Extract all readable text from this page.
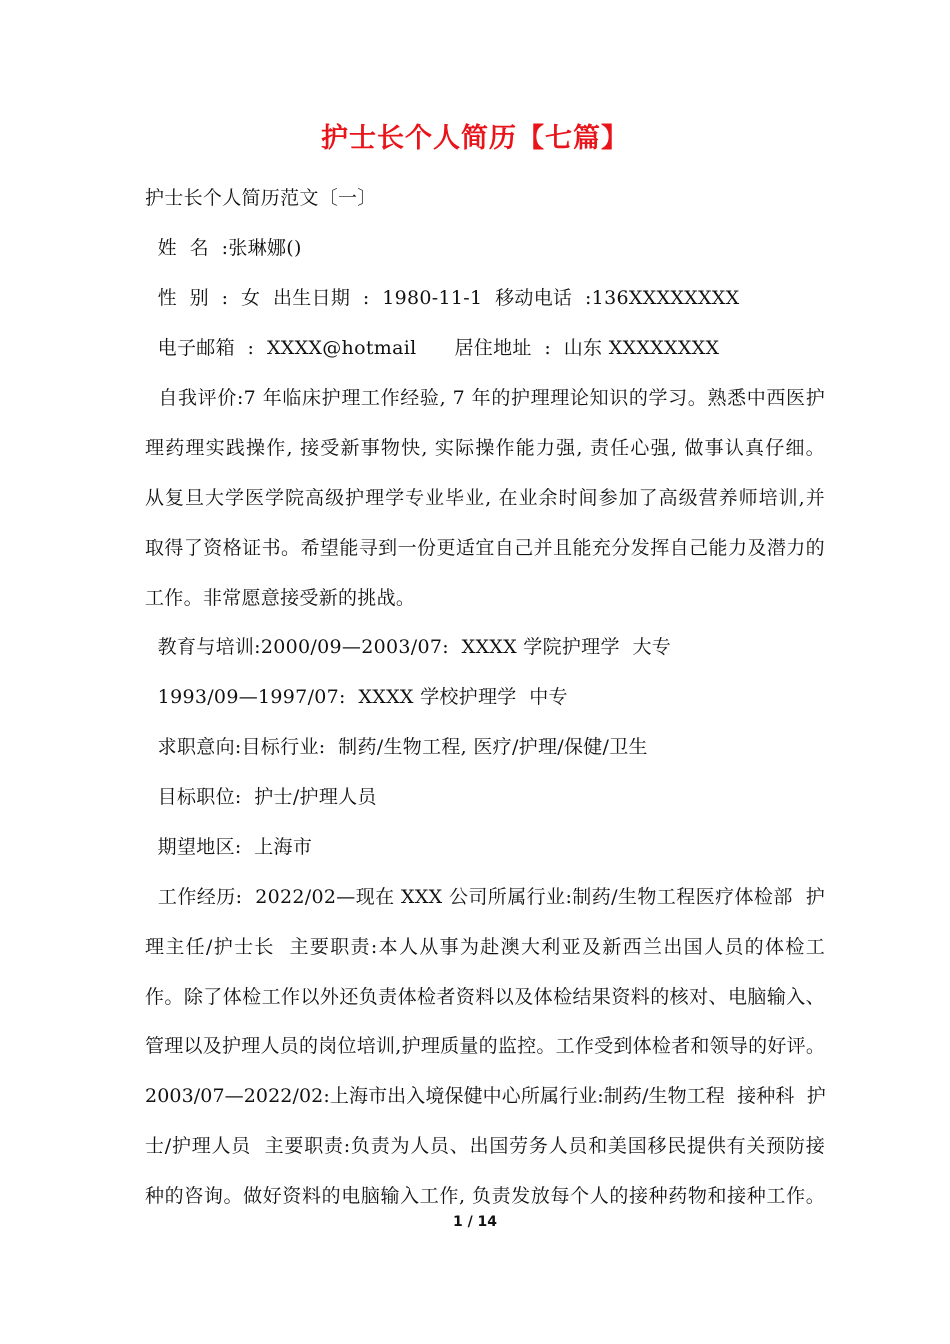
护士长个人简历【七篇】
护士长个人简历范文〔一〕
姓  名  :张琳娜()
性  别  :  女  出生日期  :  1980-11-1  移动电话  :136XXXXXXXX
电子邮箱  :  XXXX@hotmail      居住地址  :  山东 XXXXXXXX
自我评价:7 年临床护理工作经验, 7 年的护理理论知识的学习。熟悉中西医护
理药理实践操作, 接受新事物快, 实际操作能力强, 责任心强, 做事认真仔细。
从复旦大学医学院高级护理学专业毕业, 在业余时间参加了高级营养师培训,并
取得了资格证书。希望能寻到一份更适宜自己并且能充分发挥自己能力及潜力的
工作。非常愿意接受新的挑战。
教育与培训:2000/09—2003/07:  XXXX 学院护理学  大专
1993/09—1997/07:  XXXX 学校护理学  中专
求职意向:目标行业:  制药/生物工程, 医疗/护理/保健/卫生
目标职位:  护士/护理人员
期望地区:  上海市
工作经历:  2022/02—现在 XXX 公司所属行业:制药/生物工程医疗体检部  护
理主任/护士长  主要职责:本人从事为赴澳大利亚及新西兰出国人员的体检工
作。除了体检工作以外还负责体检者资料以及体检结果资料的核对、电脑输入、
管理以及护理人员的岗位培训,护理质量的监控。工作受到体检者和领导的好评。
2003/07—2022/02:上海市出入境保健中心所属行业:制药/生物工程  接种科  护
士/护理人员  主要职责:负责为人员、出国劳务人员和美国移民提供有关预防接
种的咨询。做好资料的电脑输入工作, 负责发放每个人的接种药物和接种工作。
1 / 14
